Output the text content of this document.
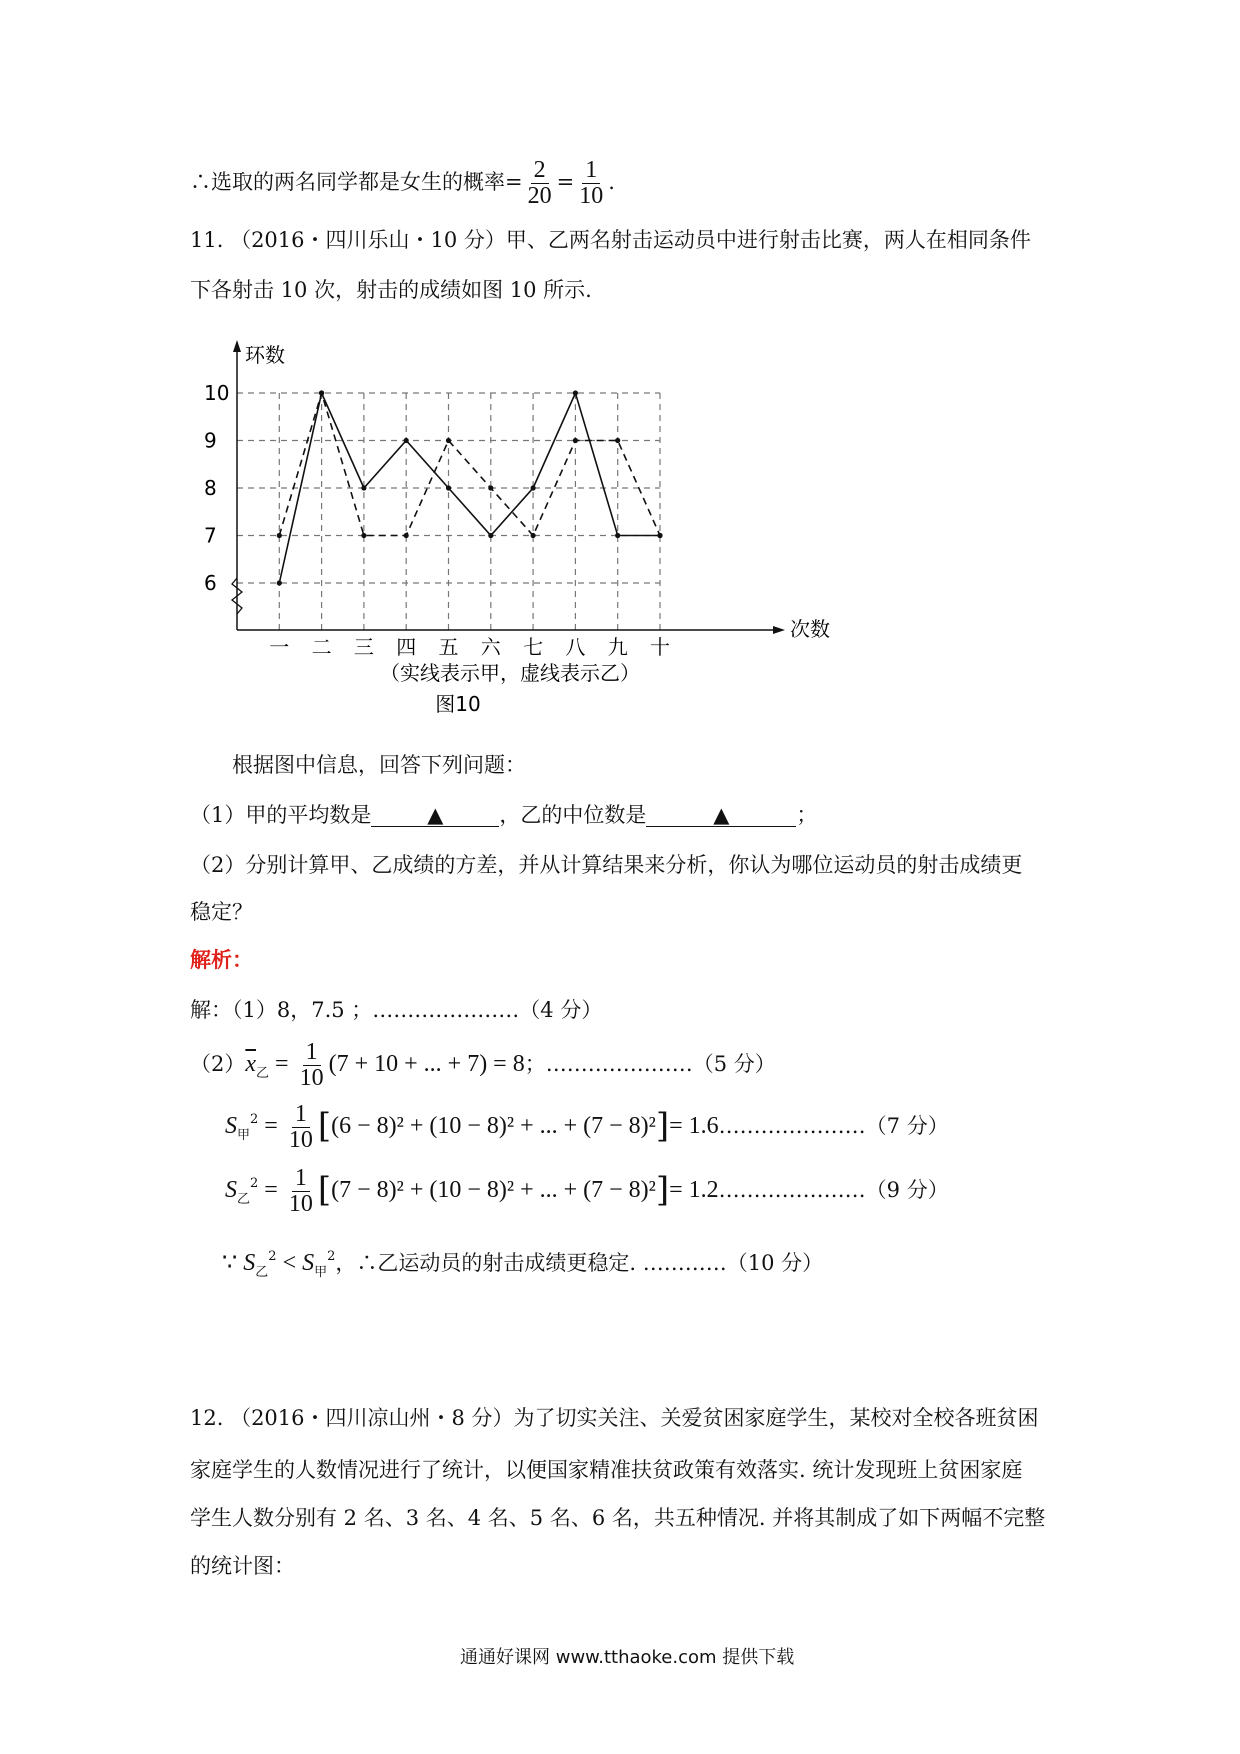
∴选取的两名同学都是女生的概率= $\frac{2}{20} = \frac{1}{10}$ .
11. （2016・四川乐山・10 分）甲、乙两名射击运动员中进行射击比赛，两人在相同条件
下各射击 10 次，射击的成绩如图 10 所示.
环数
次数
6
7
8
9
10
一 二 三 四 五 六 七 八 九 十
（实线表示甲，虚线表示乙）
图10
根据图中信息，回答下列问题：
（1）甲的平均数是	▲	，乙的中位数是	▲	；
（2）分别计算甲、乙成绩的方差，并从计算结果来分析，你认为哪位运动员的射击成绩更
稳定？
解析：
解：（1）8，7.5 ；…………………（4 分）
$(2)\overline{x}_乙 = \frac{1}{10} (7 + 10$ + ... + 7) = 8；…………………（5 分）
$S_甲^2 = \frac{1}{10} [(6 - 8)^2 + (10 - 8)^2$ + ... + (7 − 8)²]= 1.6…………………（7 分）
$S_乙^2 = \frac{1}{10} [(7 - 8)^2 + (10 - 8)^2$ + ... + (7 − 8)²]= 1.2…………………（9 分）
∵ $S_乙^2 < S_甲^2$，∴乙运动员的射击成绩更稳定. …………（10 分）
12. （2016・四川凉山州・8 分）为了切实关注、关爱贫困家庭学生，某校对全校各班贫困
家庭学生的人数情况进行了统计，以便国家精准扶贫政策有效落实. 统计发现班上贫困家庭
学生人数分别有 2 名、3 名、4 名、5 名、6 名，共五种情况. 并将其制成了如下两幅不完整
的统计图：
通通好课网 www.tthaoke.com 提供下载
